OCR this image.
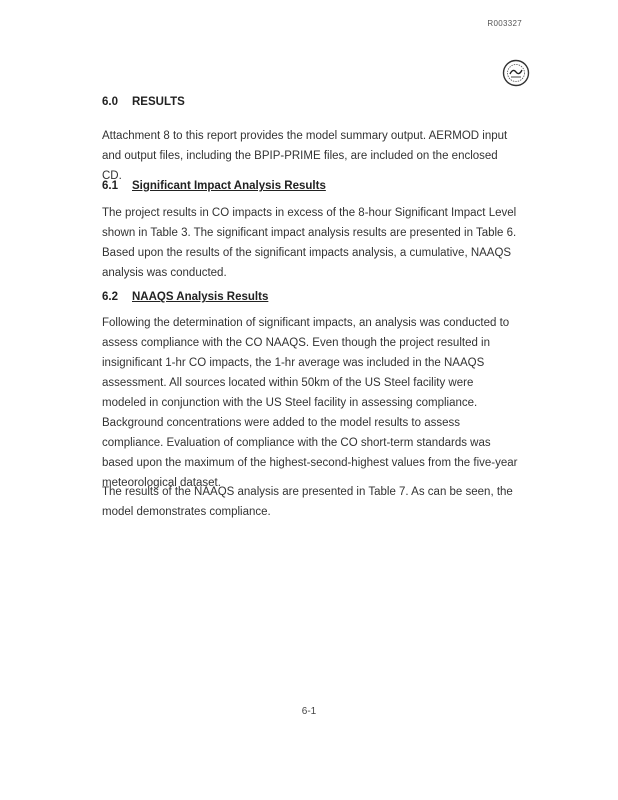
R003327
6.0 RESULTS

Attachment 8 to this report provides the model summary output. AERMOD input and output files, including the BPIP-PRIME files, are included on the enclosed CD.

6.1 Significant Impact Analysis Results

The project results in CO impacts in excess of the 8-hour Significant Impact Level shown in Table 3. The significant impact analysis results are presented in Table 6. Based upon the results of the significant impacts analysis, a cumulative, NAAQS analysis was conducted.

6.2 NAAQS Analysis Results

Following the determination of significant impacts, an analysis was conducted to assess compliance with the CO NAAQS. Even though the project resulted in insignificant 1-hr CO impacts, the 1-hr average was included in the NAAQS assessment. All sources located within 50km of the US Steel facility were modeled in conjunction with the US Steel facility in assessing compliance. Background concentrations were added to the model results to assess compliance. Evaluation of compliance with the CO short-term standards was based upon the maximum of the highest-second-highest values from the five-year meteorological dataset.

The results of the NAAQS analysis are presented in Table 7. As can be seen, the model demonstrates compliance.

6-1
